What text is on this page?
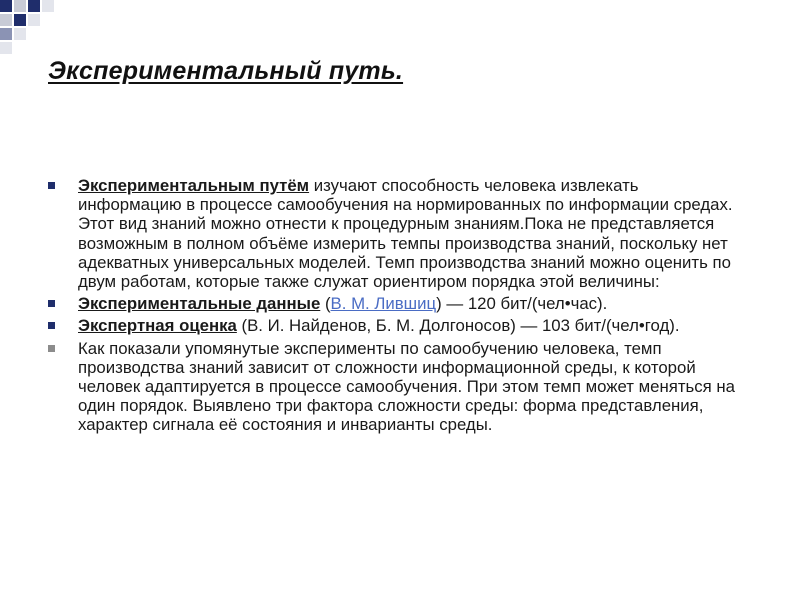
Экспериментальный путь.
Экспериментальным путём изучают способность человека извлекать информацию в процессе самообучения на нормированных по информации средах. Этот вид знаний можно отнести к процедурным знаниям.Пока не представляется возможным в полном объёме измерить темпы производства знаний, поскольку нет адекватных универсальных моделей. Темп производства знаний можно оценить по двум работам, которые также служат ориентиром порядка этой величины:
Экспериментальные данные (В. М. Лившиц) — 120 бит/(чел•час).
Экспертная оценка (В. И. Найденов, Б. М. Долгоносов) — 103 бит/(чел•год).
Как показали упомянутые эксперименты по самообучению человека, темп производства знаний зависит от сложности информационной среды, к которой человек адаптируется в процессе самообучения. При этом темп может меняться на один порядок. Выявлено три фактора сложности среды: форма представления, характер сигнала её состояния и инварианты среды.
